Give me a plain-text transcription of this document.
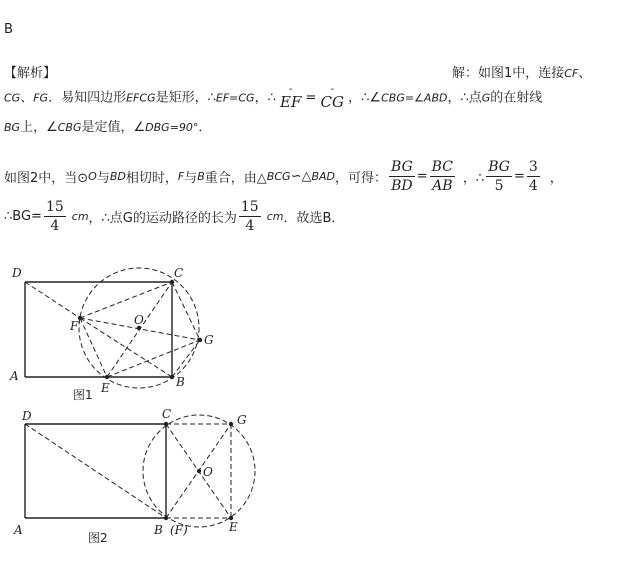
B
【解析】	解：如图1中，连接CF、
CG、FG．易知四边形EFCG是矩形，∴EF=CG，∴
-
EF =
-
CG ，∴∠CBG=∠ABD，∴点G的在射线
BG上，∠CBG是定值，∠DBG=90°．
如图2中，当⊙ O 与 BD 相切时， F 与 B 重合，由△ BCG ∽△ BAD ，可得： $\frac{BG}{BD} = \frac{BC}{AB}$ ，∴ $\frac{BG}{5} = \frac{3}{4}$ ，
∴BG= $\frac{15}{4}$ cm ，∴点G的运动路径的长为 $\frac{15}{4}$ cm ．故选B．
D	C
F	O
G
A	B
E
图1
D	C	G
O
A	B (F)	E
图2
